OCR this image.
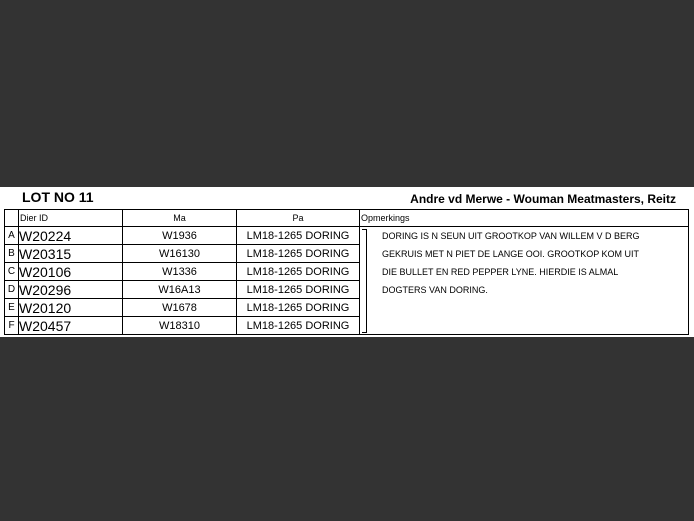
LOT NO 11	Andre vd Merwe - Wouman Meatmasters, Reitz
	Dier ID	Ma	Pa	Opmerkings
A	W20224	W1936	LM18-1265 DORING	DORING IS N SEUN UIT GROOTKOP VAN WILLEM V D BERG
B	W20315	W16130	LM18-1265 DORING	GEKRUIS MET N PIET DE LANGE OOI. GROOTKOP KOM UIT
C	W20106	W1336	LM18-1265 DORING	DIE BULLET EN RED PEPPER LYNE. HIERDIE IS ALMAL
D	W20296	W16A13	LM18-1265 DORING	DOGTERS VAN DORING.
E	W20120	W1678	LM18-1265 DORING	

F	W20457	W18310	LM18-1265 DORING	
